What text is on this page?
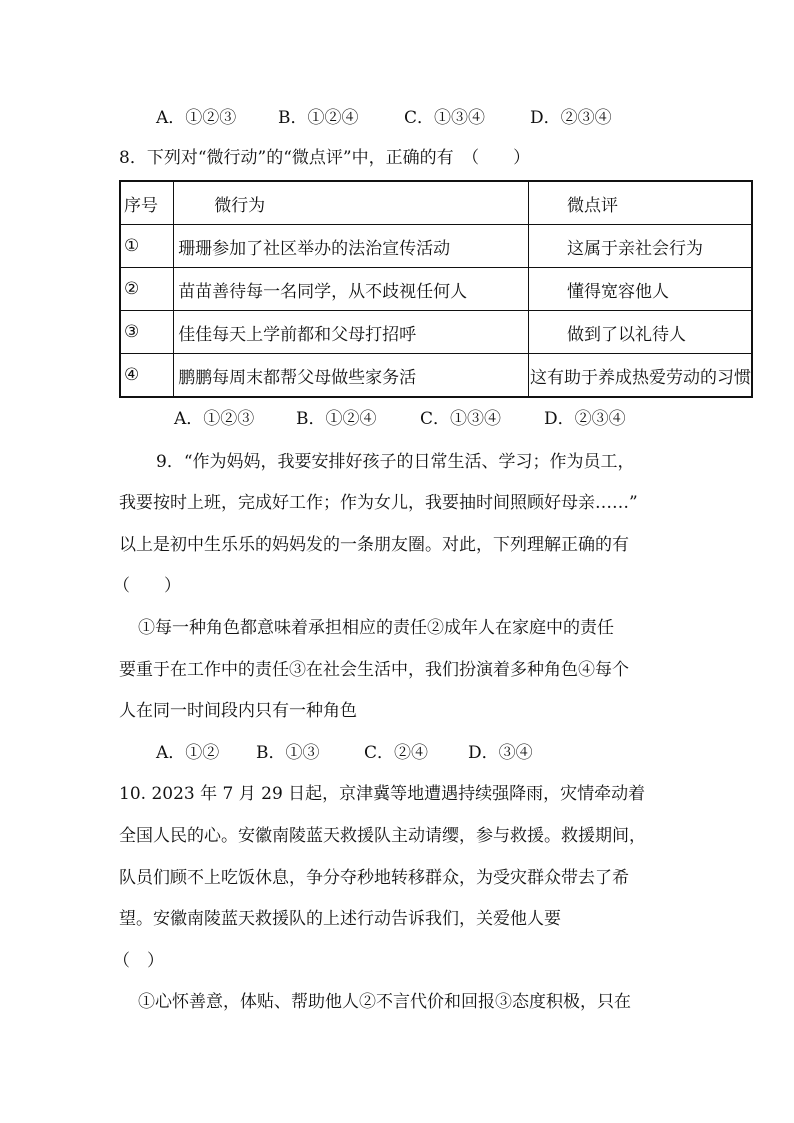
A．①②③	B．①②④	C．①③④	D．②③④
8．下列对“微行动”的“微点评”中，正确的有　（　　）
序号	微行为	微点评
①	珊珊参加了社区举办的法治宣传活动	这属于亲社会行为
②	苗苗善待每一名同学，从不歧视任何人	懂得宽容他人
③	佳佳每天上学前都和父母打招呼	做到了以礼待人
④	鹏鹏每周末都帮父母做些家务活	这有助于养成热爱劳动的习惯
A．①②③	B．①②④	C．①③④	D．②③④
9．“作为妈妈，我要安排好孩子的日常生活、学习；作为员工，
我要按时上班，完成好工作；作为女儿，我要抽时间照顾好母亲……”
以上是初中生乐乐的妈妈发的一条朋友圈。对此，下列理解正确的有
（　　）
①每一种角色都意味着承担相应的责任②成年人在家庭中的责任
要重于在工作中的责任③在社会生活中，我们扮演着多种角色④每个
人在同一时间段内只有一种角色
A．①②	B．①③	C．②④	D．③④
10. 2023 年 7 月 29 日起，京津冀等地遭遇持续强降雨，灾情牵动着
全国人民的心。安徽南陵蓝天救援队主动请缨，参与救援。救援期间，
队员们顾不上吃饭休息，争分夺秒地转移群众，为受灾群众带去了希
望。安徽南陵蓝天救援队的上述行动告诉我们，关爱他人要
（　）
①心怀善意，体贴、帮助他人②不言代价和回报③态度积极，只在
